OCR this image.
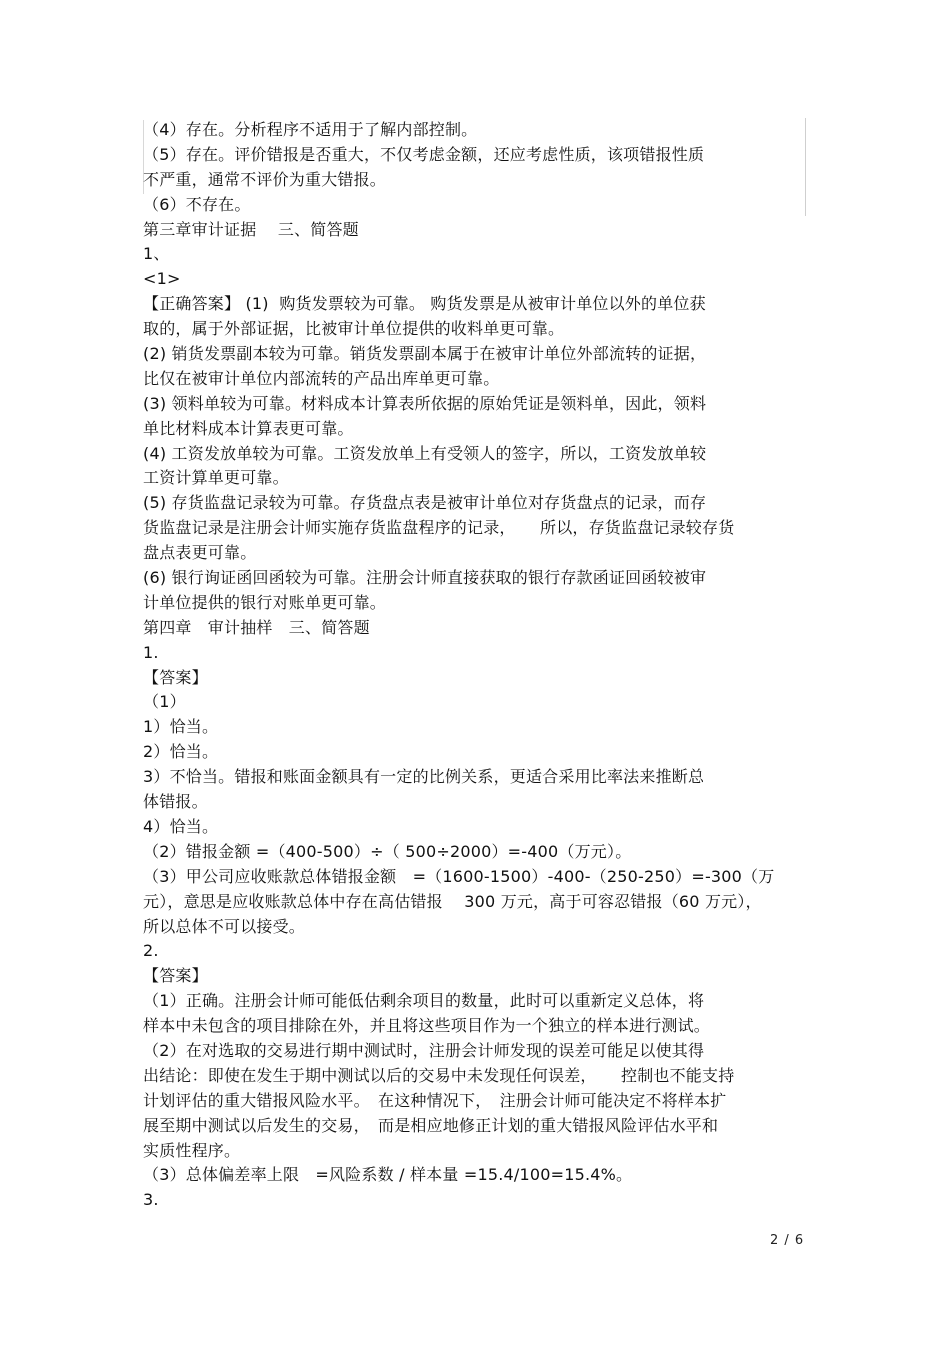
（4）存在。分析程序不适用于了解内部控制。
（5）存在。评价错报是否重大，不仅考虑金额，还应考虑性质，该项错报性质
不严重，通常不评价为重大错报。
（6）不存在。
第三章审计证据　 三、简答题
1、
<1>
【正确答案】 (1)  购货发票较为可靠。 购货发票是从被审计单位以外的单位获
取的，属于外部证据，比被审计单位提供的收料单更可靠。
(2) 销货发票副本较为可靠。销货发票副本属于在被审计单位外部流转的证据，
比仅在被审计单位内部流转的产品出库单更可靠。
(3) 领料单较为可靠。材料成本计算表所依据的原始凭证是领料单，因此，领料
单比材料成本计算表更可靠。
(4) 工资发放单较为可靠。工资发放单上有受领人的签字，所以，工资发放单较
工资计算单更可靠。
(5) 存货监盘记录较为可靠。存货盘点表是被审计单位对存货盘点的记录，而存
货监盘记录是注册会计师实施存货监盘程序的记录，　　所以，存货监盘记录较存货
盘点表更可靠。
(6) 银行询证函回函较为可靠。注册会计师直接获取的银行存款函证回函较被审
计单位提供的银行对账单更可靠。
第四章　审计抽样　三、简答题
1.
【答案】
（1）
1）恰当。
2）恰当。
3）不恰当。错报和账面金额具有一定的比例关系，更适合采用比率法来推断总
体错报。
4）恰当。
（2）错报金额 =（400-500）÷（ 500÷2000）=-400（万元）。
（3）甲公司应收账款总体错报金额　=（1600-1500）-400-（250-250）=-300（万
元），意思是应收账款总体中存在高估错报　 300 万元，高于可容忍错报（60 万元），
所以总体不可以接受。
2.
【答案】
（1）正确。注册会计师可能低估剩余项目的数量，此时可以重新定义总体，将
样本中未包含的项目排除在外，并且将这些项目作为一个独立的样本进行测试。
（2）在对选取的交易进行期中测试时，注册会计师发现的误差可能足以使其得
出结论：即使在发生于期中测试以后的交易中未发现任何误差，　　控制也不能支持
计划评估的重大错报风险水平。　在这种情况下，　注册会计师可能决定不将样本扩
展至期中测试以后发生的交易，　而是相应地修正计划的重大错报风险评估水平和
实质性程序。
（3）总体偏差率上限　=风险系数 / 样本量 =15.4/100=15.4%。
3.
2 / 6
